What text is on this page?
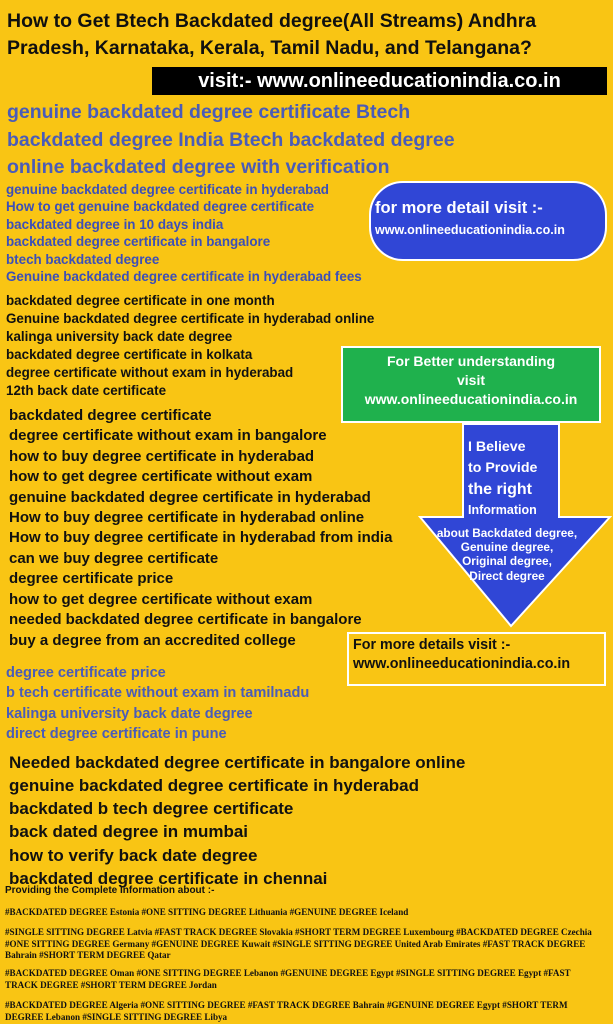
How to Get Btech Backdated degree(All Streams) Andhra Pradesh, Karnataka, Kerala, Tamil Nadu, and Telangana?
visit:- www.onlineeducationindia.co.in
genuine backdated degree certificate Btech
backdated degree India Btech backdated degree
online backdated degree with verification
genuine backdated degree certificate in hyderabad
How to get genuine backdated degree certificate
backdated degree in 10 days india
backdated degree certificate in bangalore
btech backdated degree
Genuine backdated degree certificate in hyderabad fees
for more detail visit :-
www.onlineeducationindia.co.in
backdated degree certificate in one month
Genuine backdated degree certificate in hyderabad online
kalinga university back date degree
backdated degree certificate in kolkata
degree certificate without exam in hyderabad
12th back date certificate
For Better understanding
visit
www.onlineeducationindia.co.in
I Believe
to Provide
the right
Information
about Backdated degree,
Genuine degree,
Original degree,
Direct degree
backdated degree certificate
degree certificate without exam in bangalore
how to buy degree certificate in hyderabad
how to get degree certificate without exam
genuine backdated degree certificate in hyderabad
How to buy degree certificate in hyderabad online
How to buy degree certificate in hyderabad from india
can we buy degree certificate
degree certificate price
how to get degree certificate without exam
needed backdated degree certificate in bangalore
buy a degree from an accredited college	For more details visit :-
www.onlineeducationindia.co.in
degree certificate price
b tech certificate without exam in tamilnadu
kalinga university back date degree
direct degree certificate in pune
Needed backdated degree certificate in bangalore online
genuine backdated degree certificate in hyderabad
backdated b tech degree certificate
back dated degree in mumbai
how to verify back date degree
backdated degree certificate in chennai
Providing the Complete Information about :-
#BACKDATED DEGREE Estonia #ONE SITTING DEGREE Lithuania #GENUINE DEGREE Iceland
#SINGLE SITTING DEGREE Latvia #FAST TRACK DEGREE Slovakia #SHORT TERM DEGREE Luxembourg #BACKDATED DEGREE Czechia #ONE SITTING DEGREE Germany #GENUINE DEGREE Kuwait #SINGLE SITTING DEGREE United Arab Emirates #FAST TRACK DEGREE Bahrain #SHORT TERM DEGREE Qatar
#BACKDATED DEGREE Oman #ONE SITTING DEGREE Lebanon #GENUINE DEGREE Egypt #SINGLE SITTING DEGREE Egypt #FAST TRACK DEGREE #SHORT TERM DEGREE Jordan
#BACKDATED DEGREE Algeria #ONE SITTING DEGREE #FAST TRACK DEGREE Bahrain #GENUINE DEGREE Egypt #SHORT TERM DEGREE Lebanon #SINGLE SITTING DEGREE Libya
